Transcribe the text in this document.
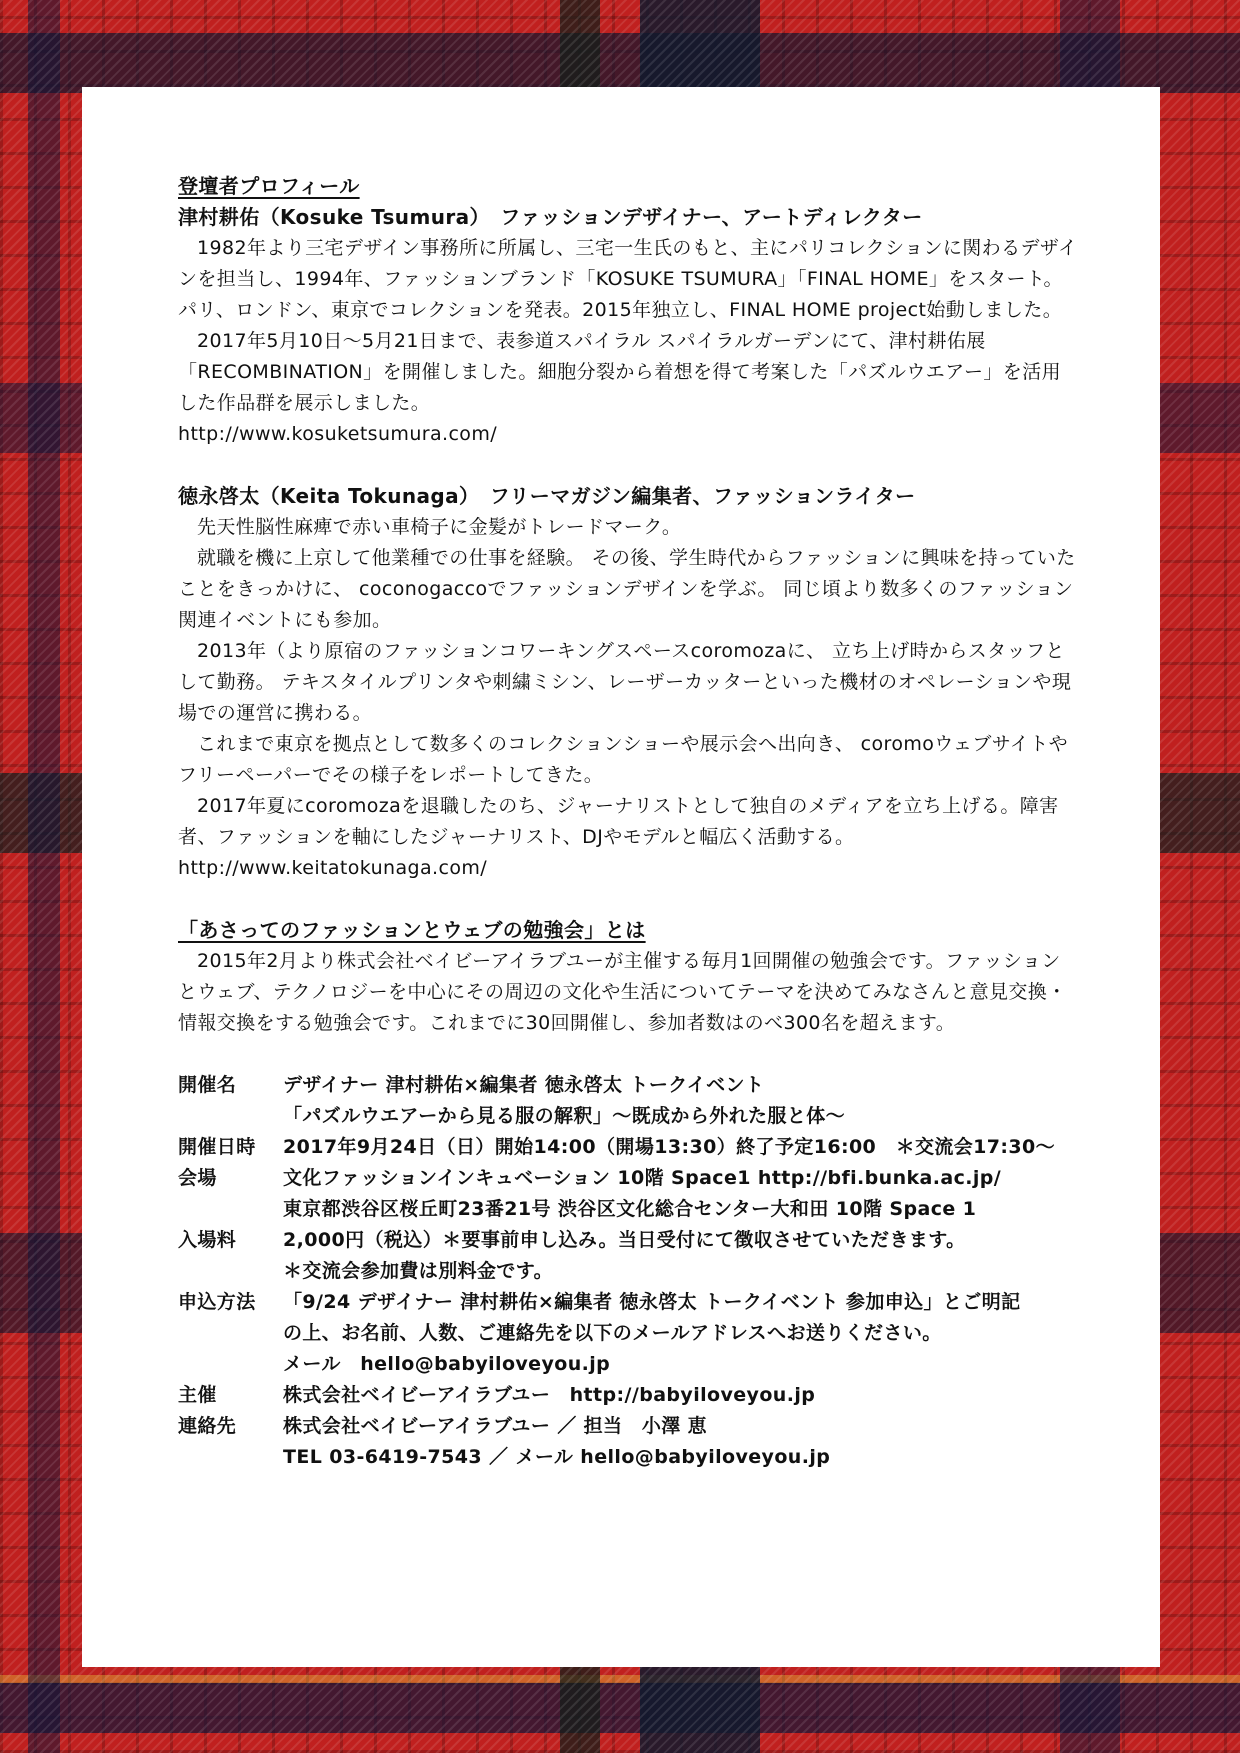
登壇者プロフィール
津村耕佑（Kosuke Tsumura）　ファッションデザイナー、アートディレクター

1982年より三宅デザイン事務所に所属し、三宅一生氏のもと、主にパリコレクションに関わるデザインを担当し、1994年、ファッションブランド「KOSUKE TSUMURA」「FINAL HOME」をスタート。パリ、ロンドン、東京でコレクションを発表。2015年独立し、FINAL HOME project始動しました。

2017年5月10日〜5月21日まで、表参道スパイラル スパイラルガーデンにて、津村耕佑展「RECOMBINATION」を開催しました。細胞分裂から着想を得て考案した「パズルウエアー」を活用した作品群を展示しました。

http://www.kosuketsumura.com/

徳永啓太（Keita Tokunaga）　フリーマガジン編集者、ファッションライター

先天性脳性麻痺で赤い車椅子に金髪がトレードマーク。

就職を機に上京して他業種での仕事を経験。 その後、学生時代からファッションに興味を持っていたことをきっかけに、 coconogaccoでファッションデザインを学ぶ。 同じ頃より数多くのファッション関連イベントにも参加。

2013年（より原宿のファッションコワーキングスペースcoromozaに、 立ち上げ時からスタッフとして勤務。 テキスタイルプリンタや刺繍ミシン、レーザーカッターといった機材のオペレーションや現場での運営に携わる。

これまで東京を拠点として数多くのコレクションショーや展示会へ出向き、 coromoウェブサイトやフリーペーパーでその様子をレポートしてきた。

2017年夏にcoromozaを退職したのち、ジャーナリストとして独自のメディアを立ち上げる。障害者、ファッションを軸にしたジャーナリスト、DJやモデルと幅広く活動する。

http://www.keitatokunaga.com/

「あさってのファッションとウェブの勉強会」とは

2015年2月より株式会社ベイビーアイラブユーが主催する毎月1回開催の勉強会です。ファッションとウェブ、テクノロジーを中心にその周辺の文化や生活についてテーマを決めてみなさんと意見交換・情報交換をする勉強会です。これまでに30回開催し、参加者数はのべ300名を超えます。

開催名	デザイナー 津村耕佑×編集者 徳永啓太 トークイベント
「パズルウエアーから見る服の解釈」〜既成から外れた服と体〜
開催日時	2017年9月24日（日）開始14:00（開場13:30）終了予定16:00　＊交流会17:30〜
会場	文化ファッションインキュベーション 10階 Space1 http://bfi.bunka.ac.jp/
東京都渋谷区桜丘町23番21号 渋谷区文化総合センター大和田 10階 Space 1
入場料	2,000円（税込）＊要事前申し込み。当日受付にて徴収させていただきます。
＊交流会参加費は別料金です。
申込方法	「9/24 デザイナー 津村耕佑×編集者 徳永啓太 トークイベント 参加申込」とご明記
の上、お名前、人数、ご連絡先を以下のメールアドレスへお送りください。
メール　hello@babyiloveyou.jp
主催	株式会社ベイビーアイラブユー　http://babyiloveyou.jp
連絡先	株式会社ベイビーアイラブユー ／ 担当　小澤 恵
TEL 03-6419-7543 ／ メール hello@babyiloveyou.jp
